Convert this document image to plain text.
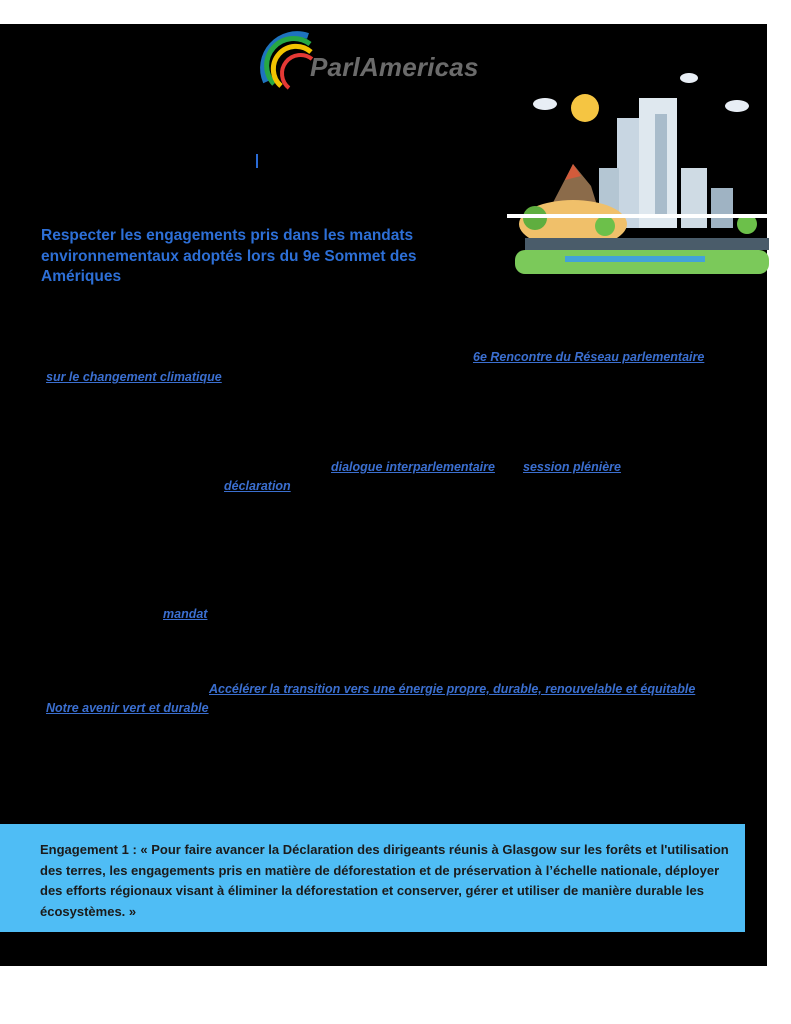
ParlAmericas
Respecter les engagements pris dans les mandats environnementaux adoptés lors du 9e Sommet des Amériques
6e Rencontre du Réseau parlementaire
sur le changement climatique
dialogue interparlementaire session plénière
déclaration
mandat
Accélérer la transition vers une énergie propre, durable, renouvelable et équitable
Notre avenir vert et durable

Engagement 1 : « Pour faire avancer la Déclaration des dirigeants réunis à Glasgow sur les forêts et l'utilisation des terres, les engagements pris en matière de déforestation et de préservation à l’échelle nationale, déployer des efforts régionaux visant à éliminer la déforestation et conserver, gérer et utiliser de manière durable les écosystèmes. »
